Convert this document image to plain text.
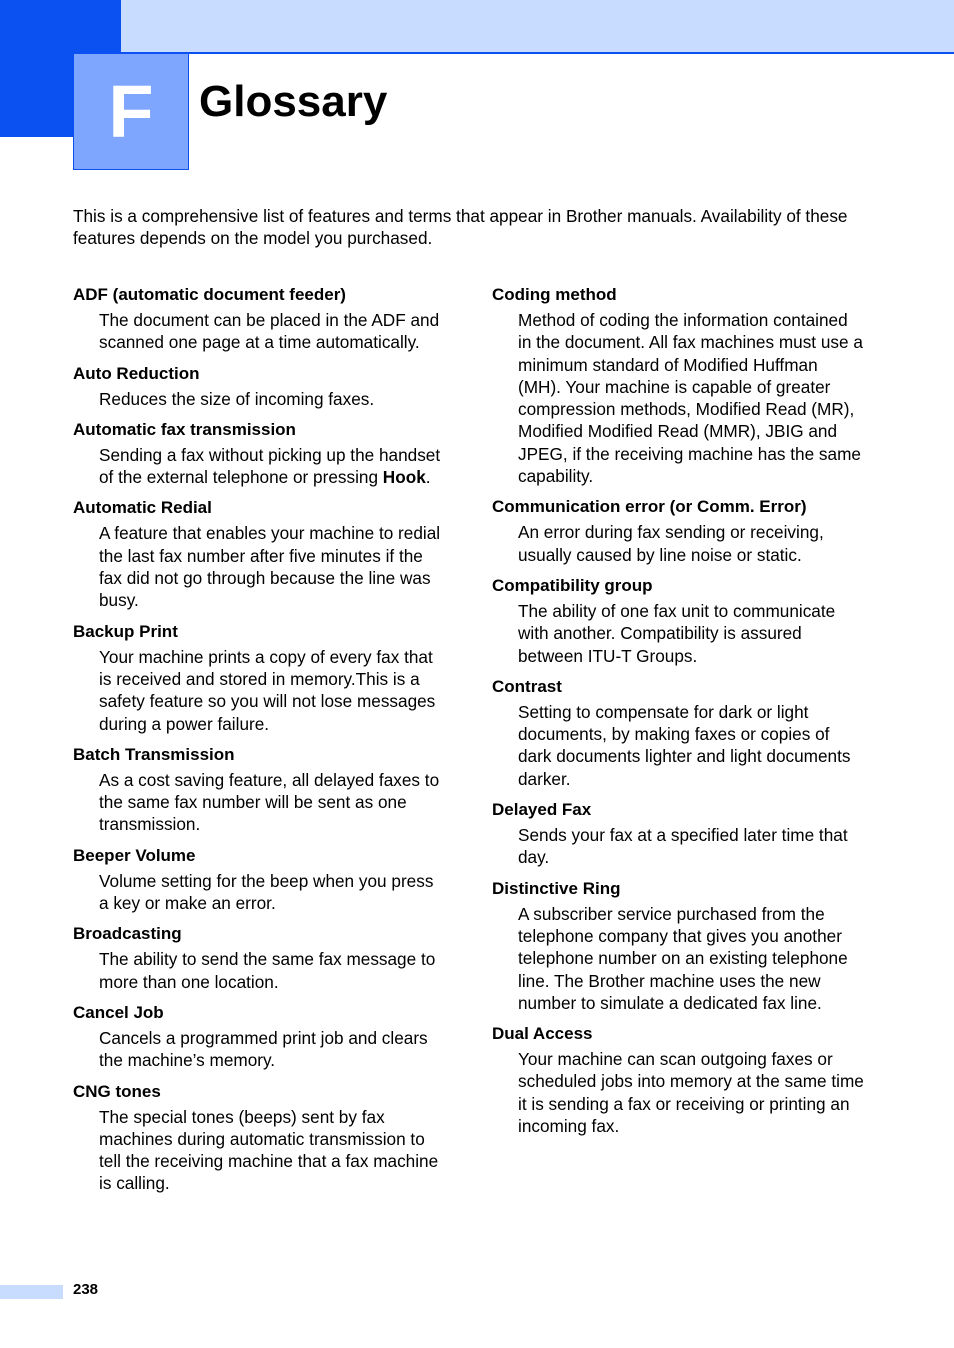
F Glossary

This is a comprehensive list of features and terms that appear in Brother manuals. Availability of these features depends on the model you purchased.

ADF (automatic document feeder)

The document can be placed in the ADF and scanned one page at a time automatically.

Auto Reduction

Reduces the size of incoming faxes.

Automatic fax transmission

Sending a fax without picking up the handset of the external telephone or pressing Hook.

Automatic Redial

A feature that enables your machine to redial the last fax number after five minutes if the fax did not go through because the line was busy.

Backup Print

Your machine prints a copy of every fax that is received and stored in memory.This is a safety feature so you will not lose messages during a power failure.

Batch Transmission

As a cost saving feature, all delayed faxes to the same fax number will be sent as one transmission.

Beeper Volume

Volume setting for the beep when you press a key or make an error.

Broadcasting

The ability to send the same fax message to more than one location.

Cancel Job

Cancels a programmed print job and clears the machine’s memory.

CNG tones

The special tones (beeps) sent by fax machines during automatic transmission to tell the receiving machine that a fax machine is calling.

Coding method

Method of coding the information contained in the document. All fax machines must use a minimum standard of Modified Huffman (MH). Your machine is capable of greater compression methods, Modified Read (MR), Modified Modified Read (MMR), JBIG and JPEG, if the receiving machine has the same capability.

Communication error (or Comm. Error)

An error during fax sending or receiving, usually caused by line noise or static.

Compatibility group

The ability of one fax unit to communicate with another. Compatibility is assured between ITU-T Groups.

Contrast

Setting to compensate for dark or light documents, by making faxes or copies of dark documents lighter and light documents darker.

Delayed Fax

Sends your fax at a specified later time that day.

Distinctive Ring

A subscriber service purchased from the telephone company that gives you another telephone number on an existing telephone line. The Brother machine uses the new number to simulate a dedicated fax line.

Dual Access

Your machine can scan outgoing faxes or scheduled jobs into memory at the same time it is sending a fax or receiving or printing an incoming fax.

238
